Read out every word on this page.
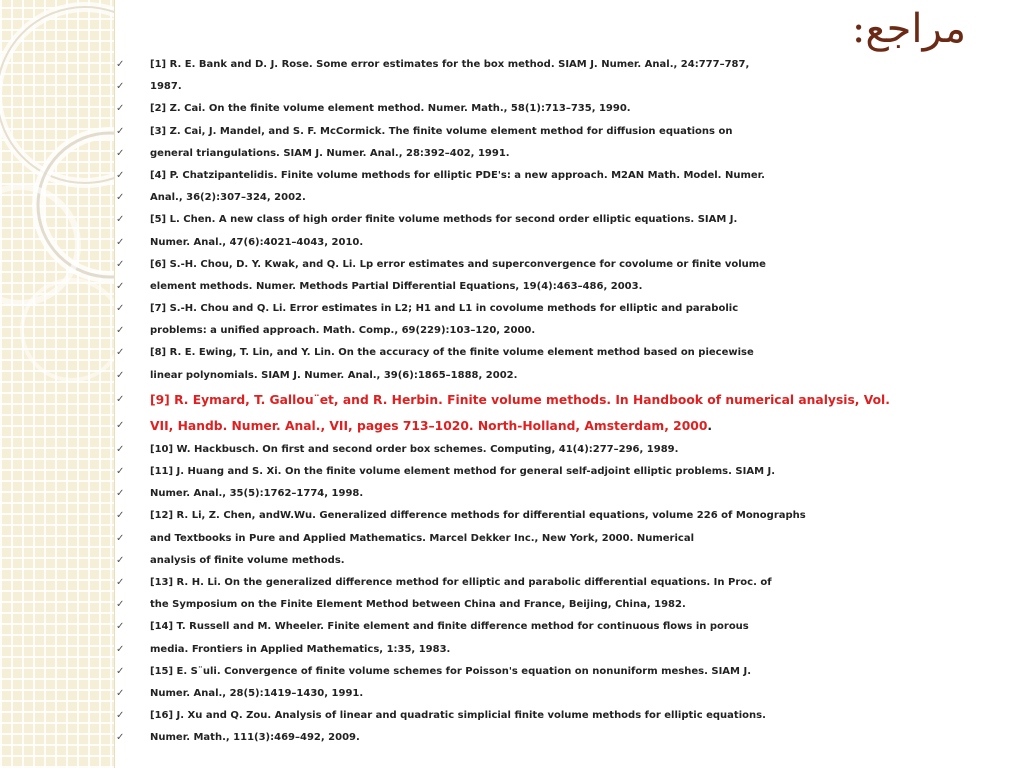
مراجع:
✓	[1] R. E. Bank and D. J. Rose. Some error estimates for the box method. SIAM J. Numer. Anal., 24:777–787,
✓	1987.
✓	[2] Z. Cai. On the finite volume element method. Numer. Math., 58(1):713–735, 1990.
✓	[3] Z. Cai, J. Mandel, and S. F. McCormick. The finite volume element method for diffusion equations on
✓	general triangulations. SIAM J. Numer. Anal., 28:392–402, 1991.
✓	[4] P. Chatzipantelidis. Finite volume methods for elliptic PDE's: a new approach. M2AN Math. Model. Numer.
✓	Anal., 36(2):307–324, 2002.
✓	[5] L. Chen. A new class of high order finite volume methods for second order elliptic equations. SIAM J.
✓	Numer. Anal., 47(6):4021–4043, 2010.
✓	[6] S.-H. Chou, D. Y. Kwak, and Q. Li. Lp error estimates and superconvergence for covolume or finite volume
✓	element methods. Numer. Methods Partial Differential Equations, 19(4):463–486, 2003.
✓	[7] S.-H. Chou and Q. Li. Error estimates in L2; H1 and L1 in covolume methods for elliptic and parabolic
✓	problems: a unified approach. Math. Comp., 69(229):103–120, 2000.
✓	[8] R. E. Ewing, T. Lin, and Y. Lin. On the accuracy of the finite volume element method based on piecewise
✓	linear polynomials. SIAM J. Numer. Anal., 39(6):1865–1888, 2002.
✓ [9] R. Eymard, T. Gallou¨et, and R. Herbin. Finite volume methods. In Handbook of numerical analysis, Vol.
✓ VII, Handb. Numer. Anal., VII, pages 713–1020. North-Holland, Amsterdam, 2000.
✓	[10] W. Hackbusch. On first and second order box schemes. Computing, 41(4):277–296, 1989.
✓	[11] J. Huang and S. Xi. On the finite volume element method for general self-adjoint elliptic problems. SIAM J.
✓	Numer. Anal., 35(5):1762–1774, 1998.
✓	[12] R. Li, Z. Chen, andW.Wu. Generalized difference methods for differential equations, volume 226 of Monographs
✓	and Textbooks in Pure and Applied Mathematics. Marcel Dekker Inc., New York, 2000. Numerical
✓	analysis of finite volume methods.
✓	[13] R. H. Li. On the generalized difference method for elliptic and parabolic differential equations. In Proc. of
✓	the Symposium on the Finite Element Method between China and France, Beijing, China, 1982.
✓	[14] T. Russell and M. Wheeler. Finite element and finite difference method for continuous flows in porous
✓	media. Frontiers in Applied Mathematics, 1:35, 1983.
✓	[15] E. S¨uli. Convergence of finite volume schemes for Poisson's equation on nonuniform meshes. SIAM J.
✓	Numer. Anal., 28(5):1419–1430, 1991.
✓	[16] J. Xu and Q. Zou. Analysis of linear and quadratic simplicial finite volume methods for elliptic equations.
✓	Numer. Math., 111(3):469–492, 2009.
